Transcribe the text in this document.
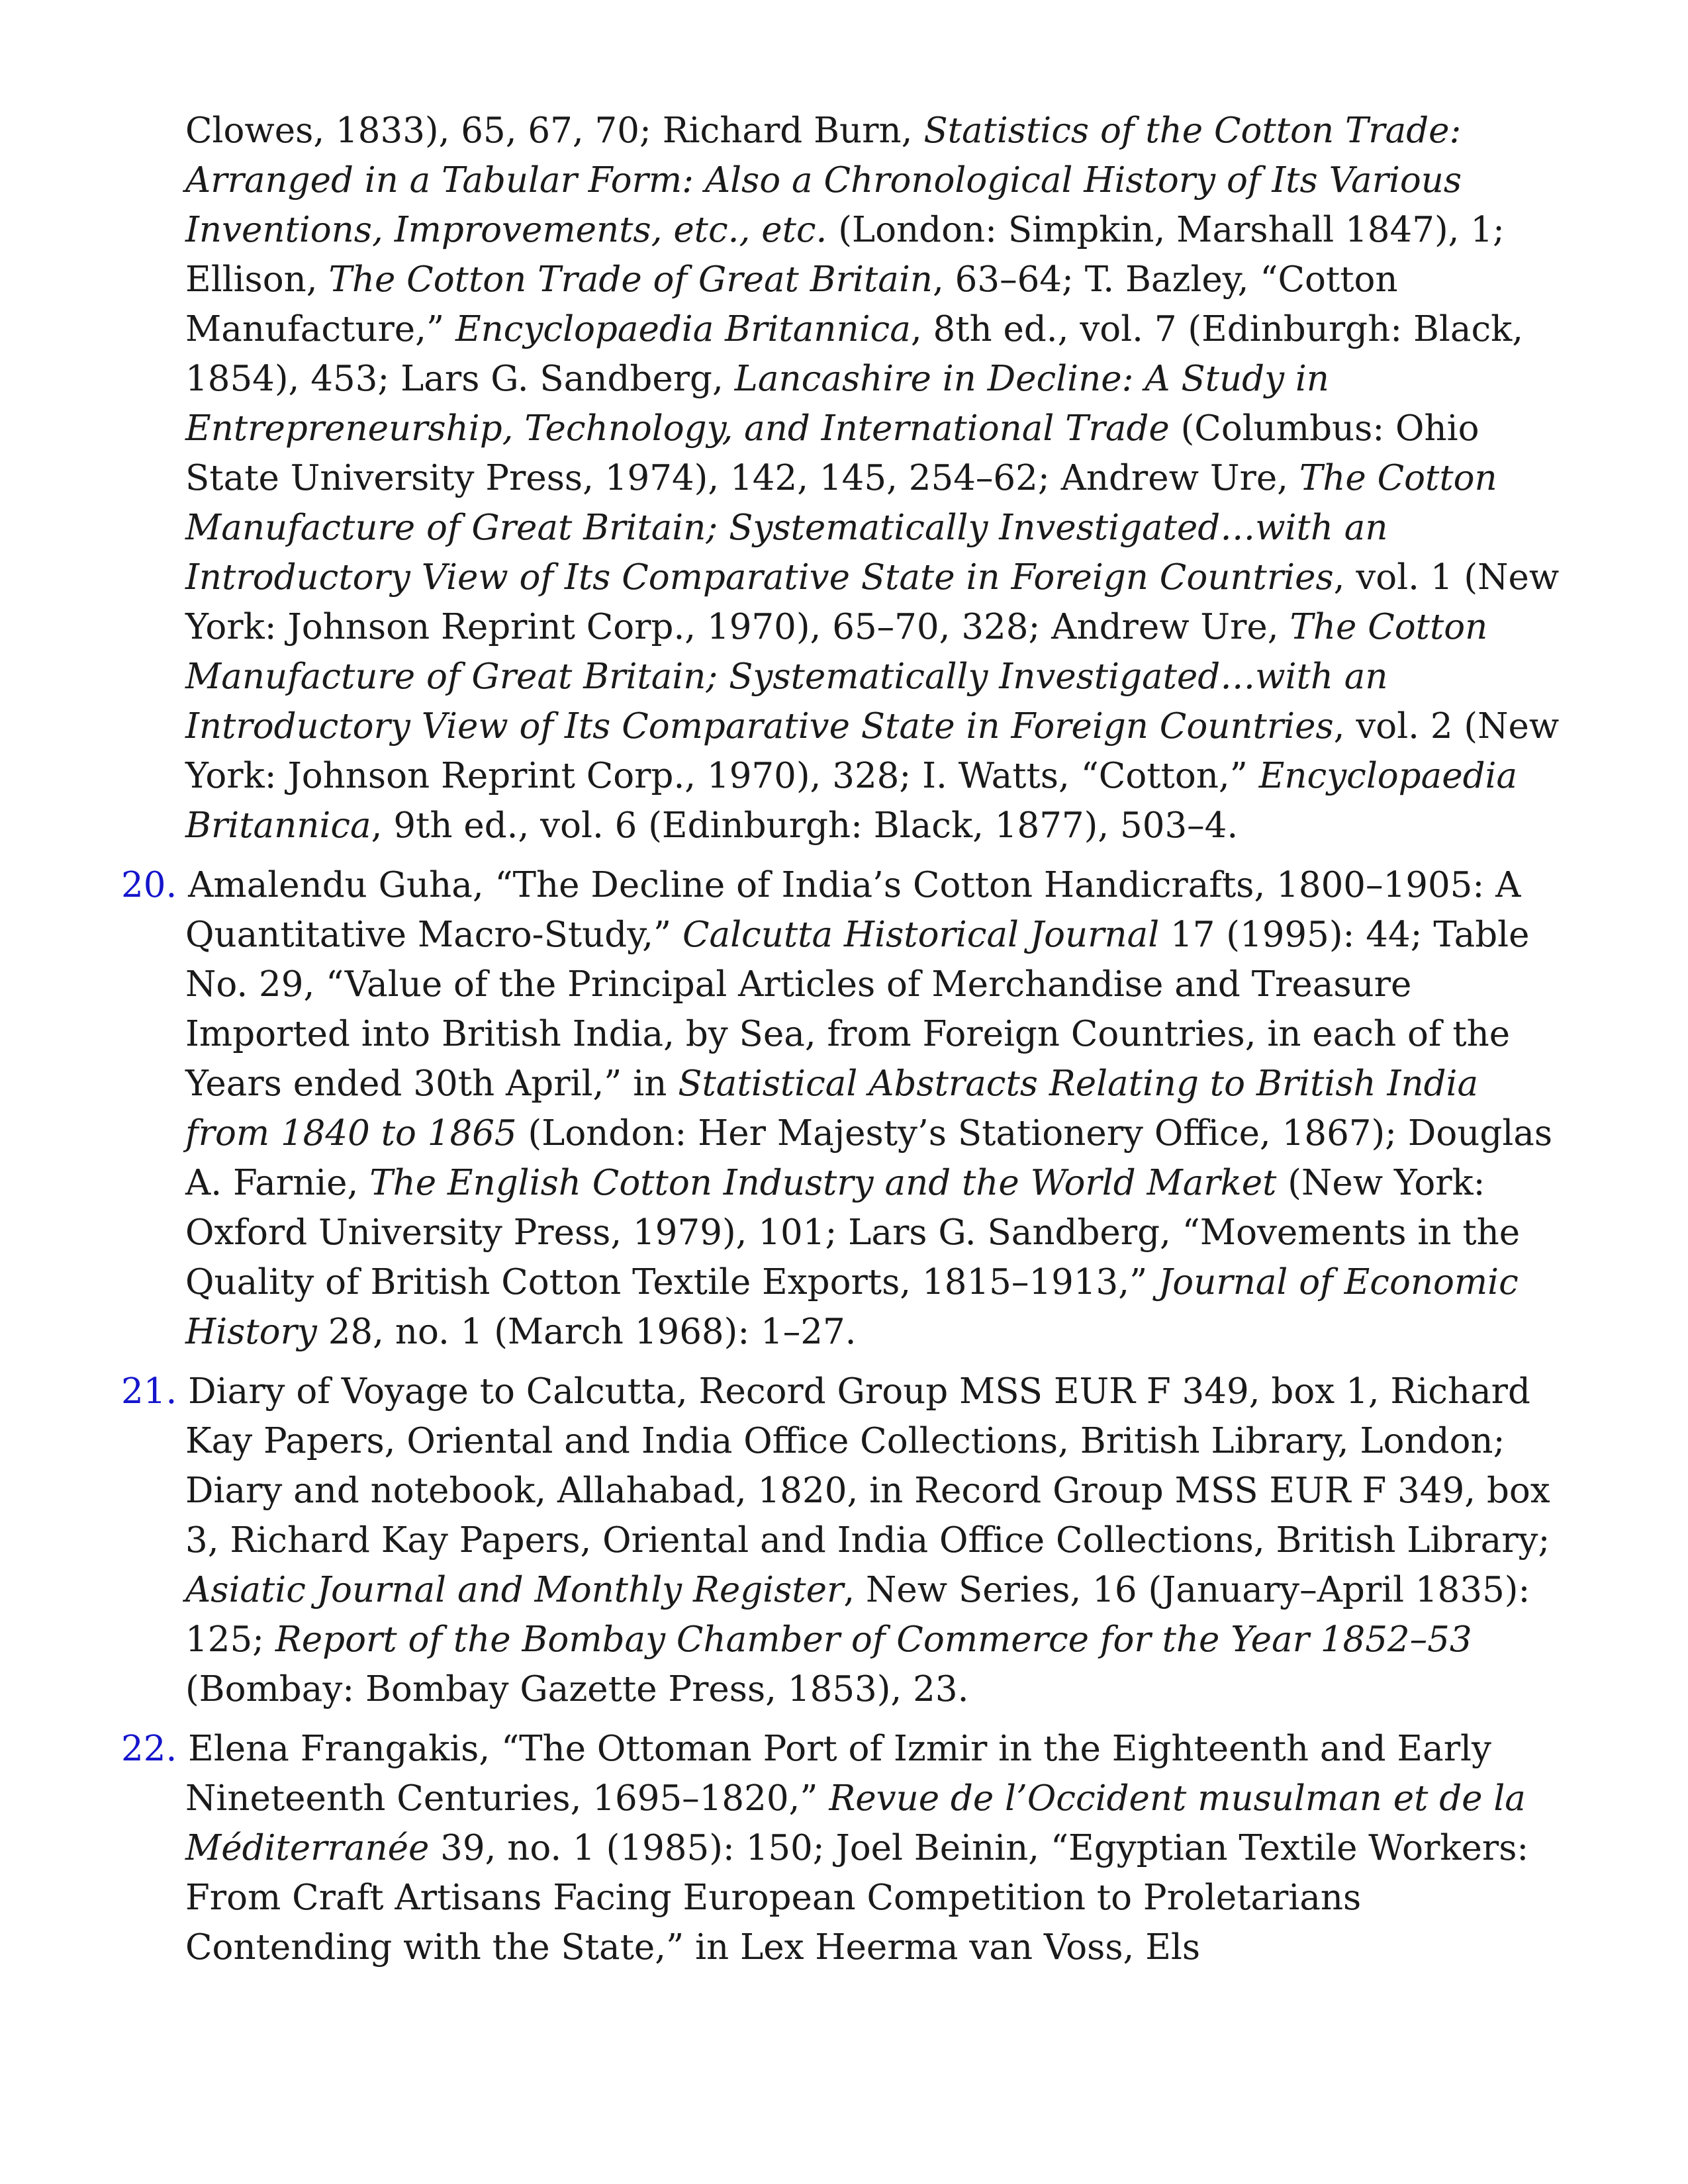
Clowes, 1833), 65, 67, 70; Richard Burn, Statistics of the Cotton Trade: Arranged in a Tabular Form: Also a Chronological History of Its Various Inventions, Improvements, etc., etc. (London: Simpkin, Marshall 1847), 1; Ellison, The Cotton Trade of Great Britain, 63–64; T. Bazley, “Cotton Manufacture,” Encyclopaedia Britannica, 8th ed., vol. 7 (Edinburgh: Black, 1854), 453; Lars G. Sandberg, Lancashire in Decline: A Study in Entrepreneurship, Technology, and International Trade (Columbus: Ohio State University Press, 1974), 142, 145, 254–62; Andrew Ure, The Cotton Manufacture of Great Britain; Systematically Investigated…with an Introductory View of Its Comparative State in Foreign Countries, vol. 1 (New York: Johnson Reprint Corp., 1970), 65–70, 328; Andrew Ure, The Cotton Manufacture of Great Britain; Systematically Investigated…with an Introductory View of Its Comparative State in Foreign Countries, vol. 2 (New York: Johnson Reprint Corp., 1970), 328; I. Watts, “Cotton,” Encyclopaedia Britannica, 9th ed., vol. 6 (Edinburgh: Black, 1877), 503–4.
20. Amalendu Guha, “The Decline of India’s Cotton Handicrafts, 1800–1905: A Quantitative Macro-Study,” Calcutta Historical Journal 17 (1995): 44; Table No. 29, “Value of the Principal Articles of Merchandise and Treasure Imported into British India, by Sea, from Foreign Countries, in each of the Years ended 30th April,” in Statistical Abstracts Relating to British India from 1840 to 1865 (London: Her Majesty’s Stationery Office, 1867); Douglas A. Farnie, The English Cotton Industry and the World Market (New York: Oxford University Press, 1979), 101; Lars G. Sandberg, “Movements in the Quality of British Cotton Textile Exports, 1815–1913,” Journal of Economic History 28, no. 1 (March 1968): 1–27.
21. Diary of Voyage to Calcutta, Record Group MSS EUR F 349, box 1, Richard Kay Papers, Oriental and India Office Collections, British Library, London; Diary and notebook, Allahabad, 1820, in Record Group MSS EUR F 349, box 3, Richard Kay Papers, Oriental and India Office Collections, British Library; Asiatic Journal and Monthly Register, New Series, 16 (January–April 1835): 125; Report of the Bombay Chamber of Commerce for the Year 1852–53 (Bombay: Bombay Gazette Press, 1853), 23.
22. Elena Frangakis, “The Ottoman Port of Izmir in the Eighteenth and Early Nineteenth Centuries, 1695–1820,” Revue de l’Occident musulman et de la Méditerranée 39, no. 1 (1985): 150; Joel Beinin, “Egyptian Textile Workers: From Craft Artisans Facing European Competition to Proletarians Contending with the State,” in Lex Heerma van Voss, Els
